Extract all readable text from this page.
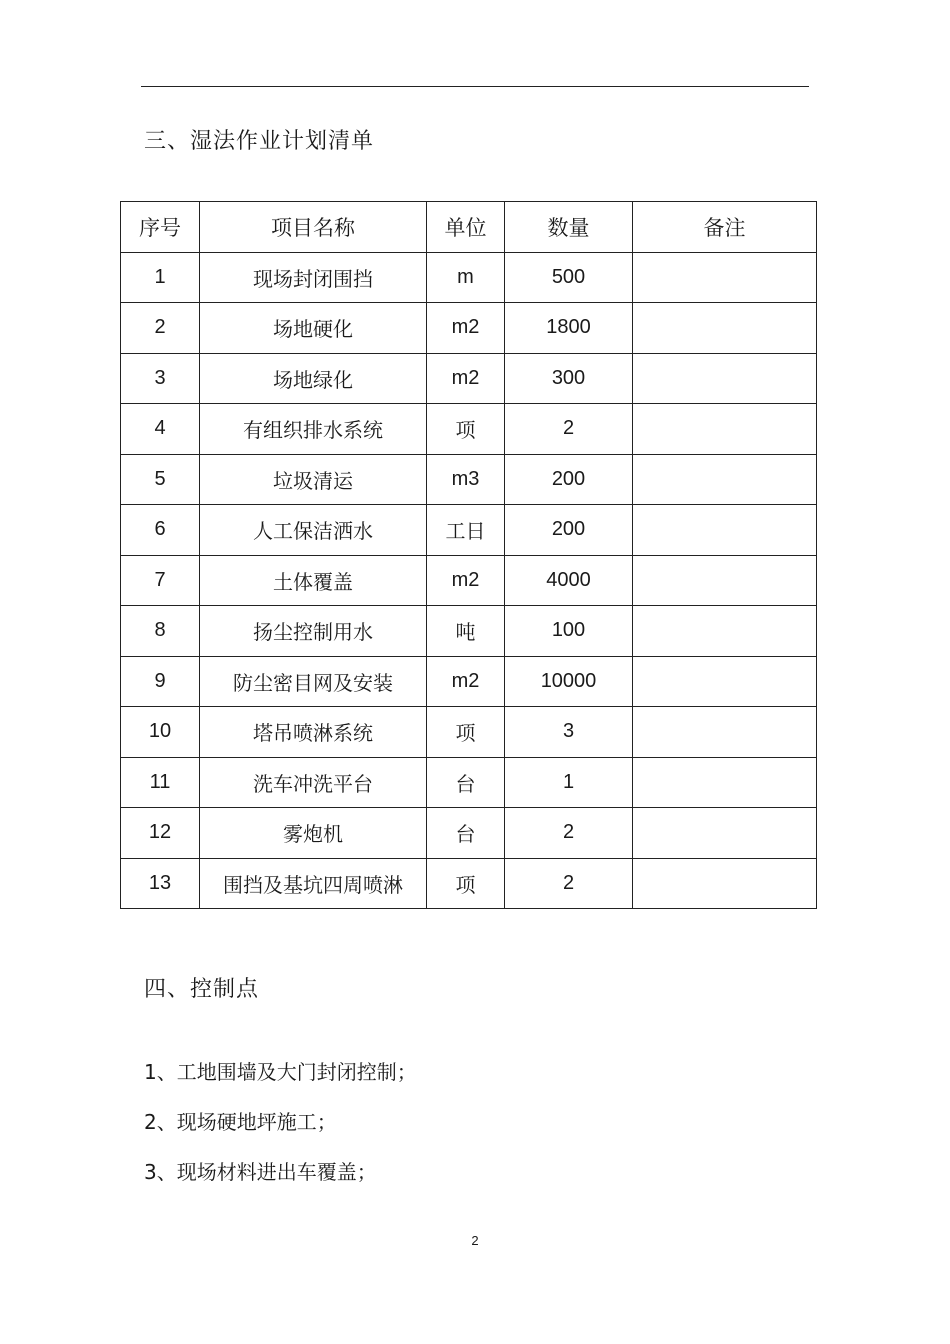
三、湿法作业计划清单
序号	项目名称	单位	数量	备注
1	现场封闭围挡	m	500	
2	场地硬化	m2	1800	
3	场地绿化	m2	300	
4	有组织排水系统	项	2	
5	垃圾清运	m3	200	
6	人工保洁洒水	工日	200	
7	土体覆盖	m2	4000	
8	扬尘控制用水	吨	100	
9	防尘密目网及安装	m2	10000	
10	塔吊喷淋系统	项	3	
11	洗车冲洗平台	台	1	
12	雾炮机	台	2	
13	围挡及基坑四周喷淋	项	2	
四、控制点
1、工地围墙及大门封闭控制；
2、现场硬地坪施工；
3、现场材料进出车覆盖；
2
